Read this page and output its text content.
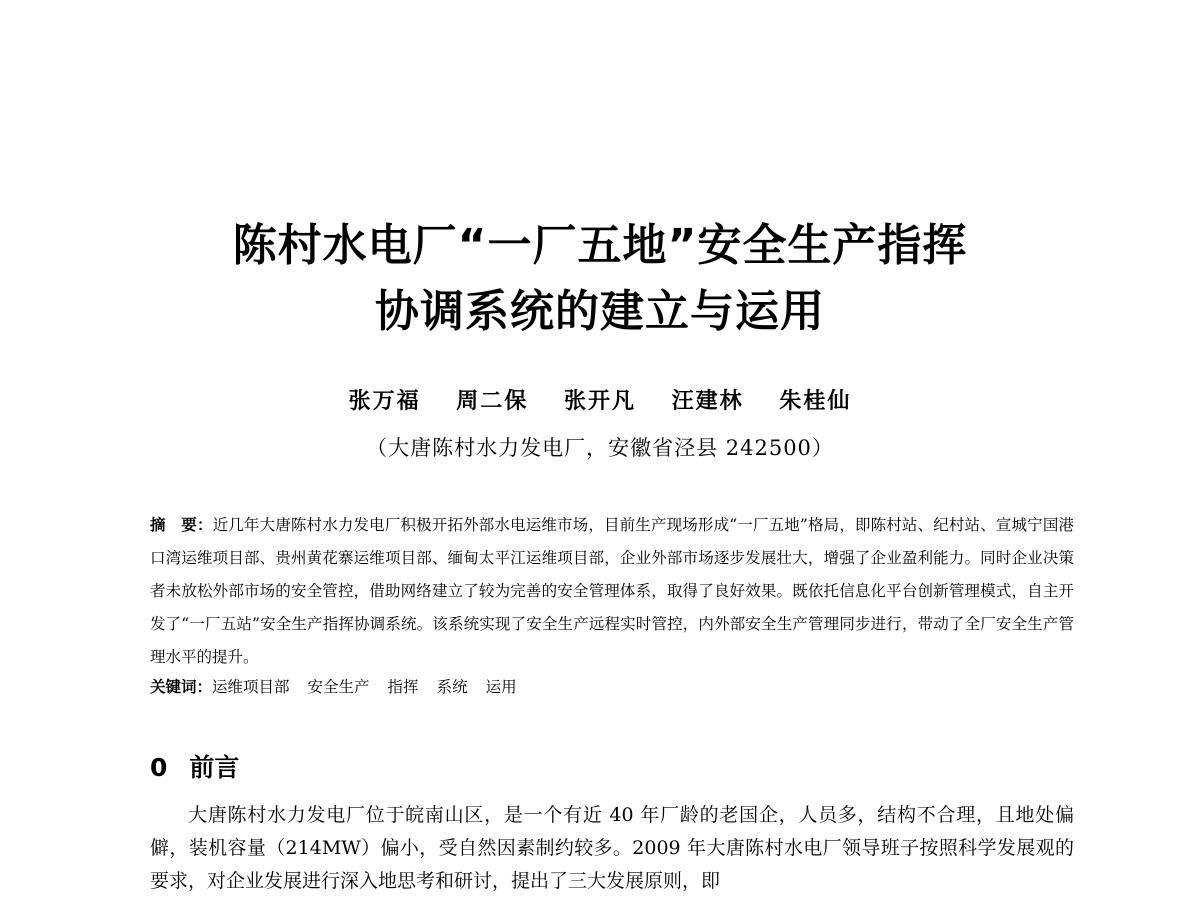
陈村水电厂“一厂五地”安全生产指挥
协调系统的建立与运用
张万福 周二保 张开凡 汪建林 朱桂仙
（大唐陈村水力发电厂，安徽省泾县 242500）
摘　要：近几年大唐陈村水力发电厂积极开拓外部水电运维市场，目前生产现场形成“一厂五地”格局，即陈村站、纪村站、宣城宁国港口湾运维项目部、贵州黄花寨运维项目部、缅甸太平江运维项目部，企业外部市场逐步发展壮大，增强了企业盈利能力。同时企业决策者未放松外部市场的安全管控，借助网络建立了较为完善的安全管理体系，取得了良好效果。既依托信息化平台创新管理模式，自主开发了“一厂五站”安全生产指挥协调系统。该系统实现了安全生产远程实时管控，内外部安全生产管理同步进行，带动了全厂安全生产管理水平的提升。
关键词：运维项目部 安全生产 指挥 系统 运用
0 前言
大唐陈村水力发电厂位于皖南山区，是一个有近 40 年厂龄的老国企，人员多，结构不合理，且地处偏僻，装机容量（214MW）偏小，受自然因素制约较多。2009 年大唐陈村水电厂领导班子按照科学发展观的要求，对企业发展进行深入地思考和研讨，提出了三大发展原则，即
